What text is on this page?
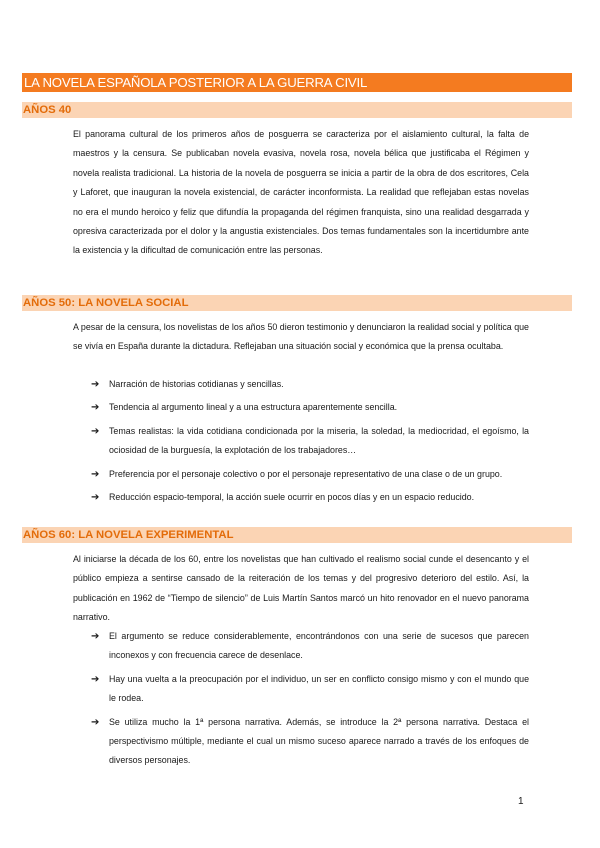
LA NOVELA ESPAÑOLA POSTERIOR A LA GUERRA CIVIL
AÑOS 40

El panorama cultural de los primeros años de posguerra se caracteriza por el aislamiento cultural, la falta de maestros y la censura. Se publicaban novela evasiva, novela rosa, novela bélica que justificaba el Régimen y novela realista tradicional. La historia de la novela de posguerra se inicia a partir de la obra de dos escritores, Cela y Laforet, que inauguran la novela existencial, de carácter inconformista. La realidad que reflejaban estas novelas no era el mundo heroico y feliz que difundía la propaganda del régimen franquista, sino una realidad desgarrada y opresiva caracterizada por el dolor y la angustia existenciales. Dos temas fundamentales son la incertidumbre ante la existencia y la dificultad de comunicación entre las personas.

AÑOS 50: LA NOVELA SOCIAL

A pesar de la censura, los novelistas de los años 50 dieron testimonio y denunciaron la realidad social y política que se vivía en España durante la dictadura. Reflejaban una situación social y económica que la prensa ocultaba.

➔ Narración de historias cotidianas y sencillas.
➔ Tendencia al argumento lineal y a una estructura aparentemente sencilla.
➔ Temas realistas: la vida cotidiana condicionada por la miseria, la soledad, la mediocridad, el egoísmo, la ociosidad de la burguesía, la explotación de los trabajadores…
➔ Preferencia por el personaje colectivo o por el personaje representativo de una clase o de un grupo.
➔ Reducción espacio-temporal, la acción suele ocurrir en pocos días y en un espacio reducido.
AÑOS 60: LA NOVELA EXPERIMENTAL

Al iniciarse la década de los 60, entre los novelistas que han cultivado el realismo social cunde el desencanto y el público empieza a sentirse cansado de la reiteración de los temas y del progresivo deterioro del estilo. Así, la publicación en 1962 de “Tiempo de silencio” de Luis Martín Santos marcó un hito renovador en el nuevo panorama narrativo.

➔ El argumento se reduce considerablemente, encontrándonos con una serie de sucesos que parecen inconexos y con frecuencia carece de desenlace.
➔ Hay una vuelta a la preocupación por el individuo, un ser en conflicto consigo mismo y con el mundo que le rodea.
➔ Se utiliza mucho la 1ª persona narrativa. Además, se introduce la 2ª persona narrativa. Destaca el perspectivismo múltiple, mediante el cual un mismo suceso aparece narrado a través de los enfoques de diversos personajes.
1
